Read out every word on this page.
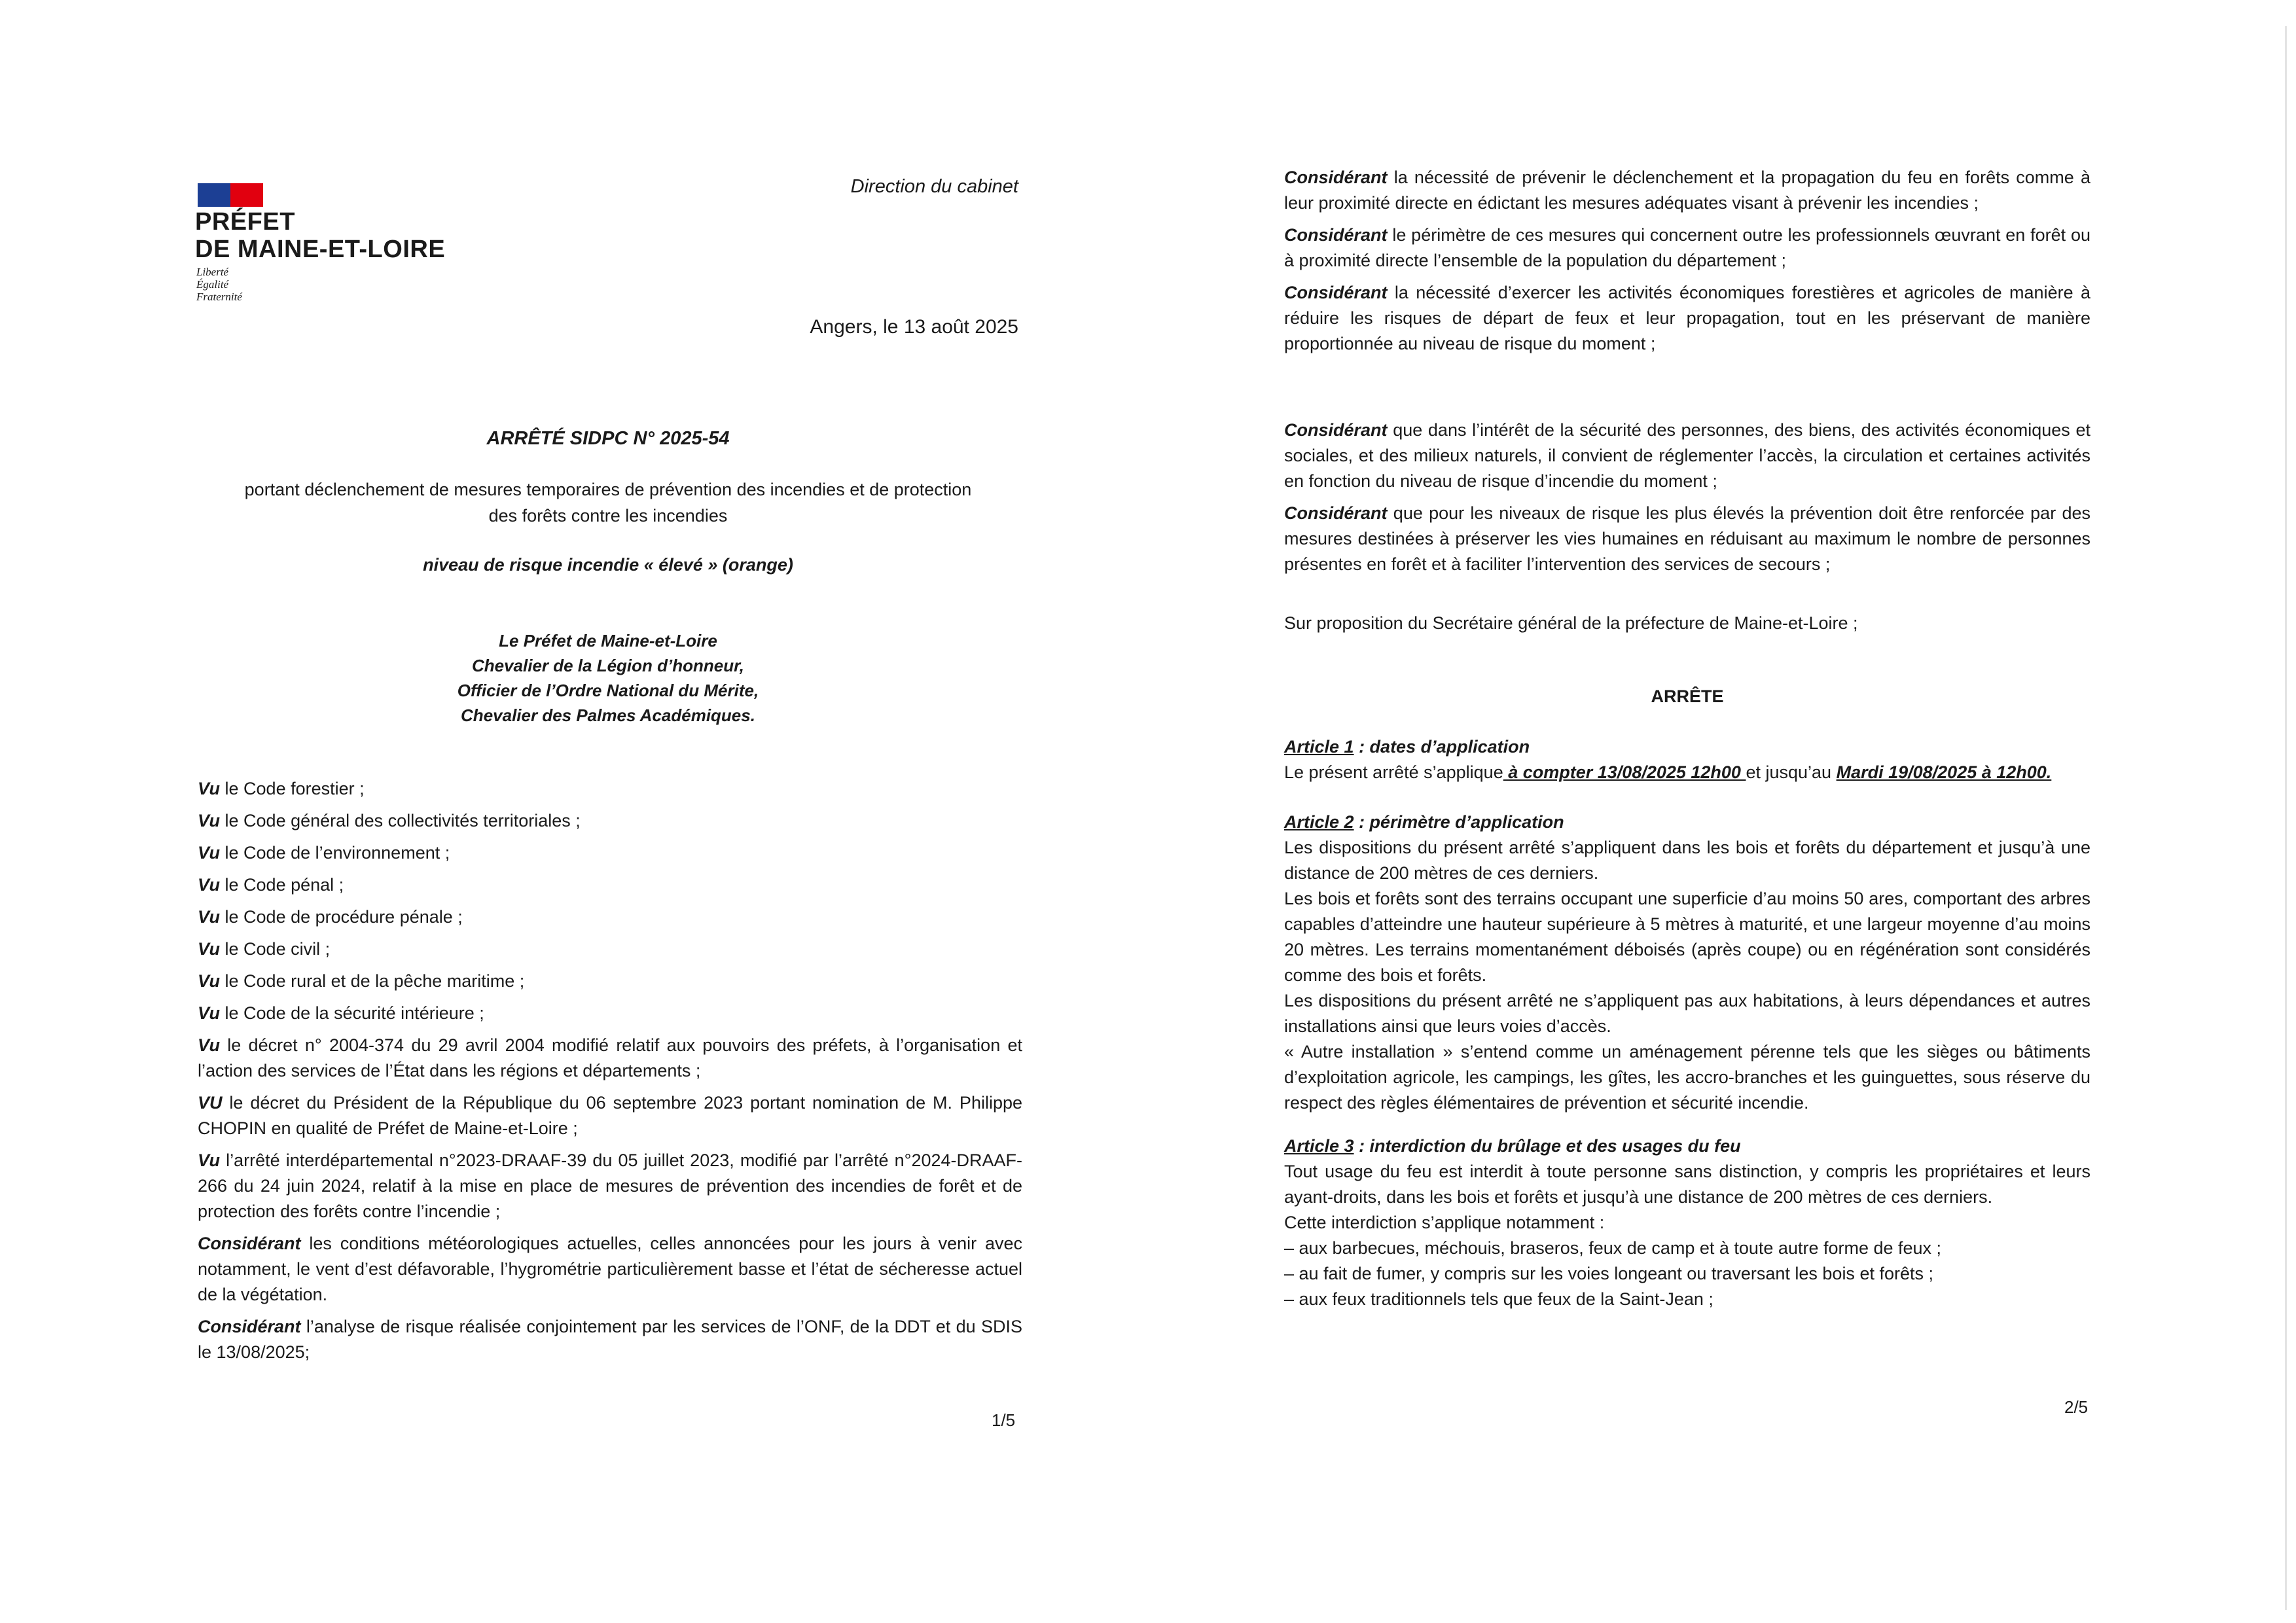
PRÉFET
DE MAINE-ET-LOIRE
Liberté
Égalité
Fraternité

Direction du cabinet

Angers, le 13 août 2025

ARRÊTÉ SIDPC N° 2025-54

portant déclenchement de mesures temporaires de prévention des incendies et de protection

des forêts contre les incendies

niveau de risque incendie « élevé » (orange)

Le Préfet de Maine-et-Loire
Chevalier de la Légion d’honneur,
Officier de l’Ordre National du Mérite,
Chevalier des Palmes Académiques.
Vu le Code forestier ;
Vu le Code général des collectivités territoriales ;
Vu le Code de l’environnement ;
Vu le Code pénal ;
Vu le Code de procédure pénale ;
Vu le Code civil ;
Vu le Code rural et de la pêche maritime ;
Vu le Code de la sécurité intérieure ;
Vu le décret n° 2004-374 du 29 avril 2004 modifié relatif aux pouvoirs des préfets, à l’organisation et l’action des services de l’État dans les régions et départements ;
VU le décret du Président de la République du 06 septembre 2023 portant nomination de M. Philippe CHOPIN en qualité de Préfet de Maine-et-Loire ;
Vu l’arrêté interdépartemental n°2023-DRAAF-39 du 05 juillet 2023, modifié par l’arrêté n°2024-DRAAF-266 du 24 juin 2024, relatif à la mise en place de mesures de prévention des incendies de forêt et de protection des forêts contre l’incendie ;
Considérant les conditions météorologiques actuelles, celles annoncées pour les jours à venir avec notamment, le vent d’est défavorable, l’hygrométrie particulièrement basse et l’état de sécheresse actuel de la végétation.
Considérant l’analyse de risque réalisée conjointement par les services de l’ONF, de la DDT et du SDIS le 13/08/2025;

1/5

Considérant la nécessité de prévenir le déclenchement et la propagation du feu en forêts comme à leur proximité directe en édictant les mesures adéquates visant à prévenir les incendies ;

Considérant le périmètre de ces mesures qui concernent outre les professionnels œuvrant en forêt ou à proximité directe l’ensemble de la population du département ;

Considérant la nécessité d’exercer les activités économiques forestières et agricoles de manière à réduire les risques de départ de feux et leur propagation, tout en les préservant de manière proportionnée au niveau de risque du moment ;

Considérant que dans l’intérêt de la sécurité des personnes, des biens, des activités économiques et sociales, et des milieux naturels, il convient de réglementer l’accès, la circulation et certaines activités en fonction du niveau de risque d’incendie du moment ;

Considérant que pour les niveaux de risque les plus élevés la prévention doit être renforcée par des mesures destinées à préserver les vies humaines en réduisant au maximum le nombre de personnes présentes en forêt et à faciliter l’intervention des services de secours ;

Sur proposition du Secrétaire général de la préfecture de Maine-et-Loire ;

ARRÊTE

Article 1 : dates d’application

Le présent arrêté s’applique à compter 13/08/2025 12h00 et jusqu’au Mardi 19/08/2025 à 12h00.

Article 2 : périmètre d’application

Les dispositions du présent arrêté s’appliquent dans les bois et forêts du département et jusqu’à une distance de 200 mètres de ces derniers.

Les bois et forêts sont des terrains occupant une superficie d’au moins 50 ares, comportant des arbres capables d’atteindre une hauteur supérieure à 5 mètres à maturité, et une largeur moyenne d’au moins 20 mètres. Les terrains momentanément déboisés (après coupe) ou en régénération sont considérés comme des bois et forêts.

Les dispositions du présent arrêté ne s’appliquent pas aux habitations, à leurs dépendances et autres installations ainsi que leurs voies d’accès.

« Autre installation » s’entend comme un aménagement pérenne tels que les sièges ou bâtiments d’exploitation agricole, les campings, les gîtes, les accro-branches et les guinguettes, sous réserve du respect des règles élémentaires de prévention et sécurité incendie.

Article 3 : interdiction du brûlage et des usages du feu

Tout usage du feu est interdit à toute personne sans distinction, y compris les propriétaires et leurs ayant-droits, dans les bois et forêts et jusqu’à une distance de 200 mètres de ces derniers.

Cette interdiction s’applique notamment :

– aux barbecues, méchouis, braseros, feux de camp et à toute autre forme de feux ;

– au fait de fumer, y compris sur les voies longeant ou traversant les bois et forêts ;

– aux feux traditionnels tels que feux de la Saint-Jean ;

2/5
